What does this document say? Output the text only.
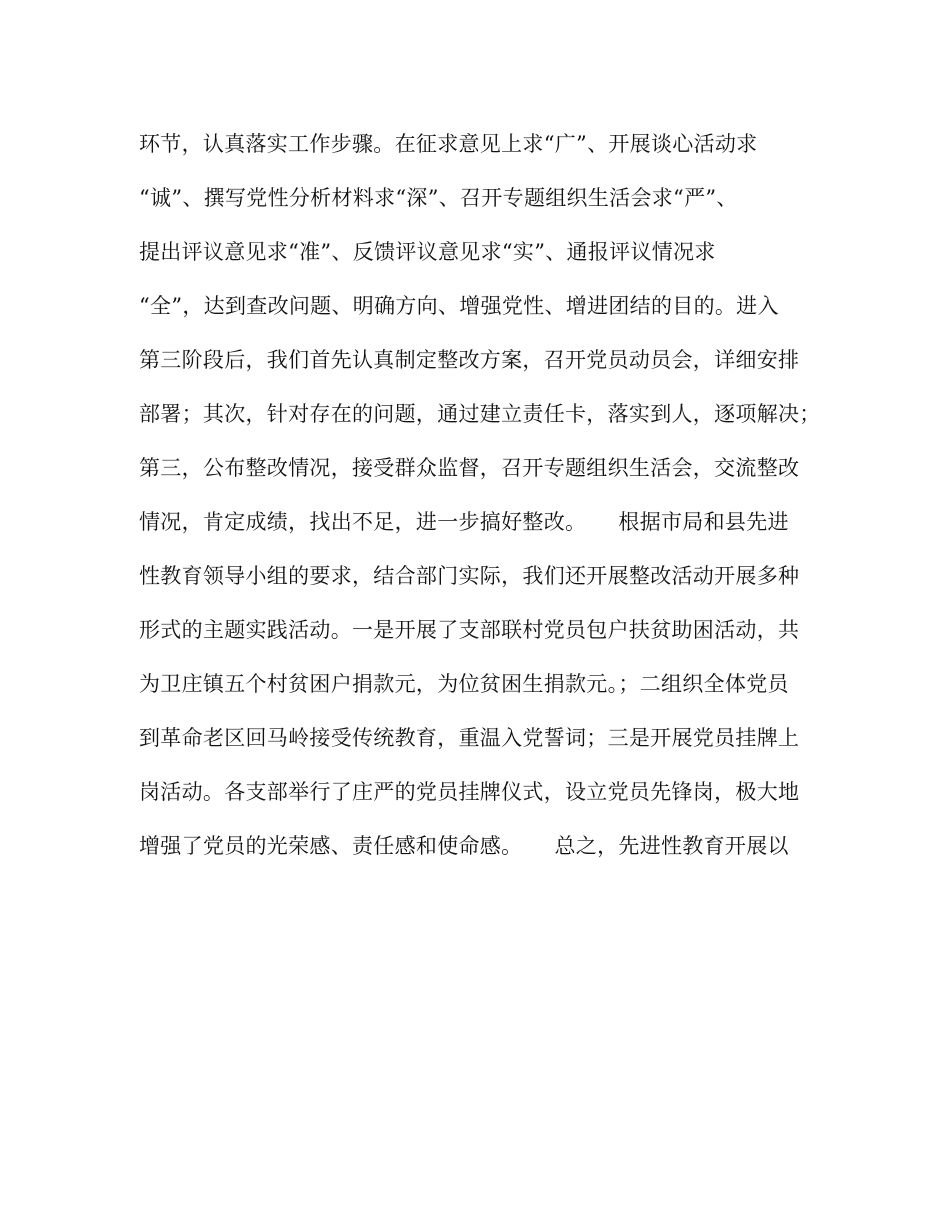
环节，认真落实工作步骤。在征求意见上求“广”、开展谈心活动求
“诚”、撰写党性分析材料求“深”、召开专题组织生活会求“严”、
提出评议意见求“准”、反馈评议意见求“实”、通报评议情况求
“全”，达到查改问题、明确方向、增强党性、增进团结的目的。进入
第三阶段后，我们首先认真制定整改方案，召开党员动员会，详细安排
部署；其次，针对存在的问题，通过建立责任卡，落实到人，逐项解决；
第三，公布整改情况，接受群众监督，召开专题组织生活会，交流整改
情况，肯定成绩，找出不足，进一步搞好整改。　　根据市局和县先进
性教育领导小组的要求，结合部门实际，我们还开展整改活动开展多种
形式的主题实践活动。一是开展了支部联村党员包户扶贫助困活动，共
为卫庄镇五个村贫困户捐款元，为位贫困生捐款元。；二组织全体党员
到革命老区回马岭接受传统教育，重温入党誓词；三是开展党员挂牌上
岗活动。各支部举行了庄严的党员挂牌仪式，设立党员先锋岗，极大地
增强了党员的光荣感、责任感和使命感。　　总之，先进性教育开展以
